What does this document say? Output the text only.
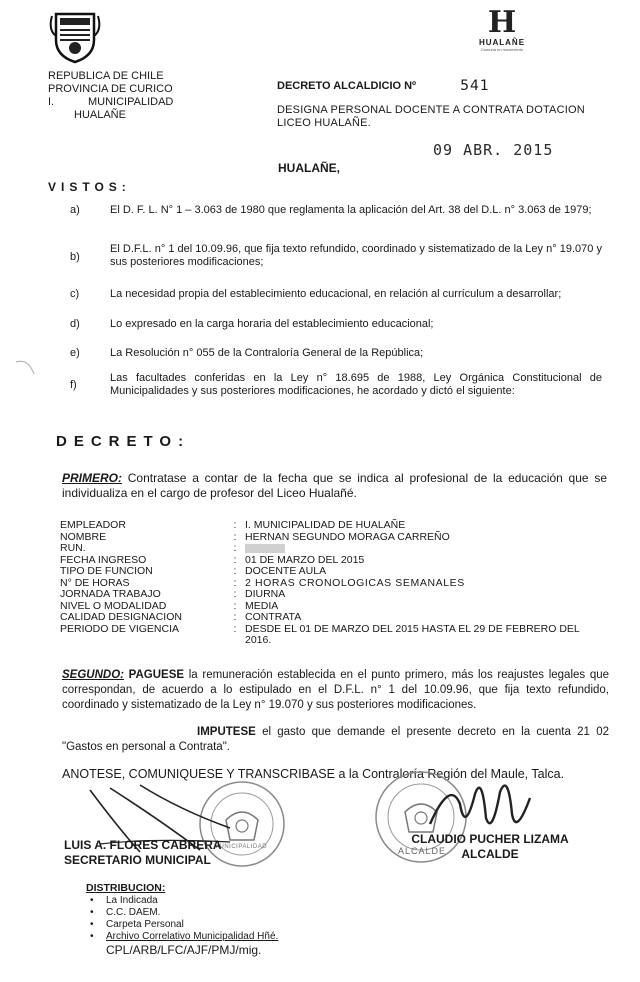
REPUBLICA DE CHILE
PROVINCIA DE CURICO
I.	MUNICIPALIDAD
HUALAÑE
H
HUALAÑE
Comuna en movimiento
DECRETO ALCALDICIO Nº	541
DESIGNA PERSONAL DOCENTE A CONTRATA DOTACION LICEO HUALAÑE.
09 ABR. 2015
HUALAÑE,
VISTOS:
a)	El D. F. L. N° 1 – 3.063 de 1980 que reglamenta la aplicación del Art. 38 del D.L. n° 3.063 de 1979;
b)
El D.F.L. n° 1 del 10.09.96, que fija texto refundido, coordinado y sistematizado de la Ley n° 19.070 y sus posteriores modificaciones;
c)	La necesidad propia del establecimiento educacional, en relación al currículum a desarrollar;
d)	Lo expresado en la carga horaria del establecimiento educacional;
e)	La Resolución n° 055 de la Contraloría General de la República;
f)
Las facultades conferidas en la Ley n° 18.695 de 1988, Ley Orgánica Constitucional de Municipalidades y sus posteriores modificaciones, he acordado y dictó el siguiente:
DECRETO:
PRIMERO: Contratase a contar de la fecha que se indica al profesional de la educación que se individualiza en el cargo de profesor del Liceo Hualañé.
EMPLEADOR	: I. MUNICIPALIDAD DE HUALAÑE
NOMBRE	: HERNAN SEGUNDO MORAGA CARREÑO
RUN.	:
FECHA INGRESO	: 01 DE MARZO DEL 2015
TIPO DE FUNCION	: DOCENTE AULA
N° DE HORAS	: 2 HORAS CRONOLOGICAS SEMANALES
JORNADA TRABAJO	: DIURNA
NIVEL O MODALIDAD	: MEDIA
CALIDAD DESIGNACION	: CONTRATA
PERIODO DE VIGENCIA	: DESDE EL 01 DE MARZO DEL 2015 HASTA EL 29 DE FEBRERO DEL 2016.
SEGUNDO: PAGUESE la remuneración establecida en el punto primero, más los reajustes legales que correspondan, de acuerdo a lo estipulado en el D.F.L. n° 1 del 10.09.96, que fija texto refundido, coordinado y sistematizado de la Ley n° 19.070 y sus posteriores modificaciones.
IMPUTESE el gasto que demande el presente decreto en la cuenta 21 02 "Gastos en personal a Contrata".
ANOTESE, COMUNIQUESE Y TRANSCRIBASE a la Contraloría Región del Maule, Talca.
MUNICIPALIDAD	ALCALDE
LUIS A. FLORES CABRERA
SECRETARIO MUNICIPAL
CLAUDIO PUCHER LIZAMA
ALCALDE
DISTRIBUCION:
• La Indicada
• C.C. DAEM.
• Carpeta Personal
• Archivo Correlativo Municipalidad Hñé.
CPL/ARB/LFC/AJF/PMJ/mig.
